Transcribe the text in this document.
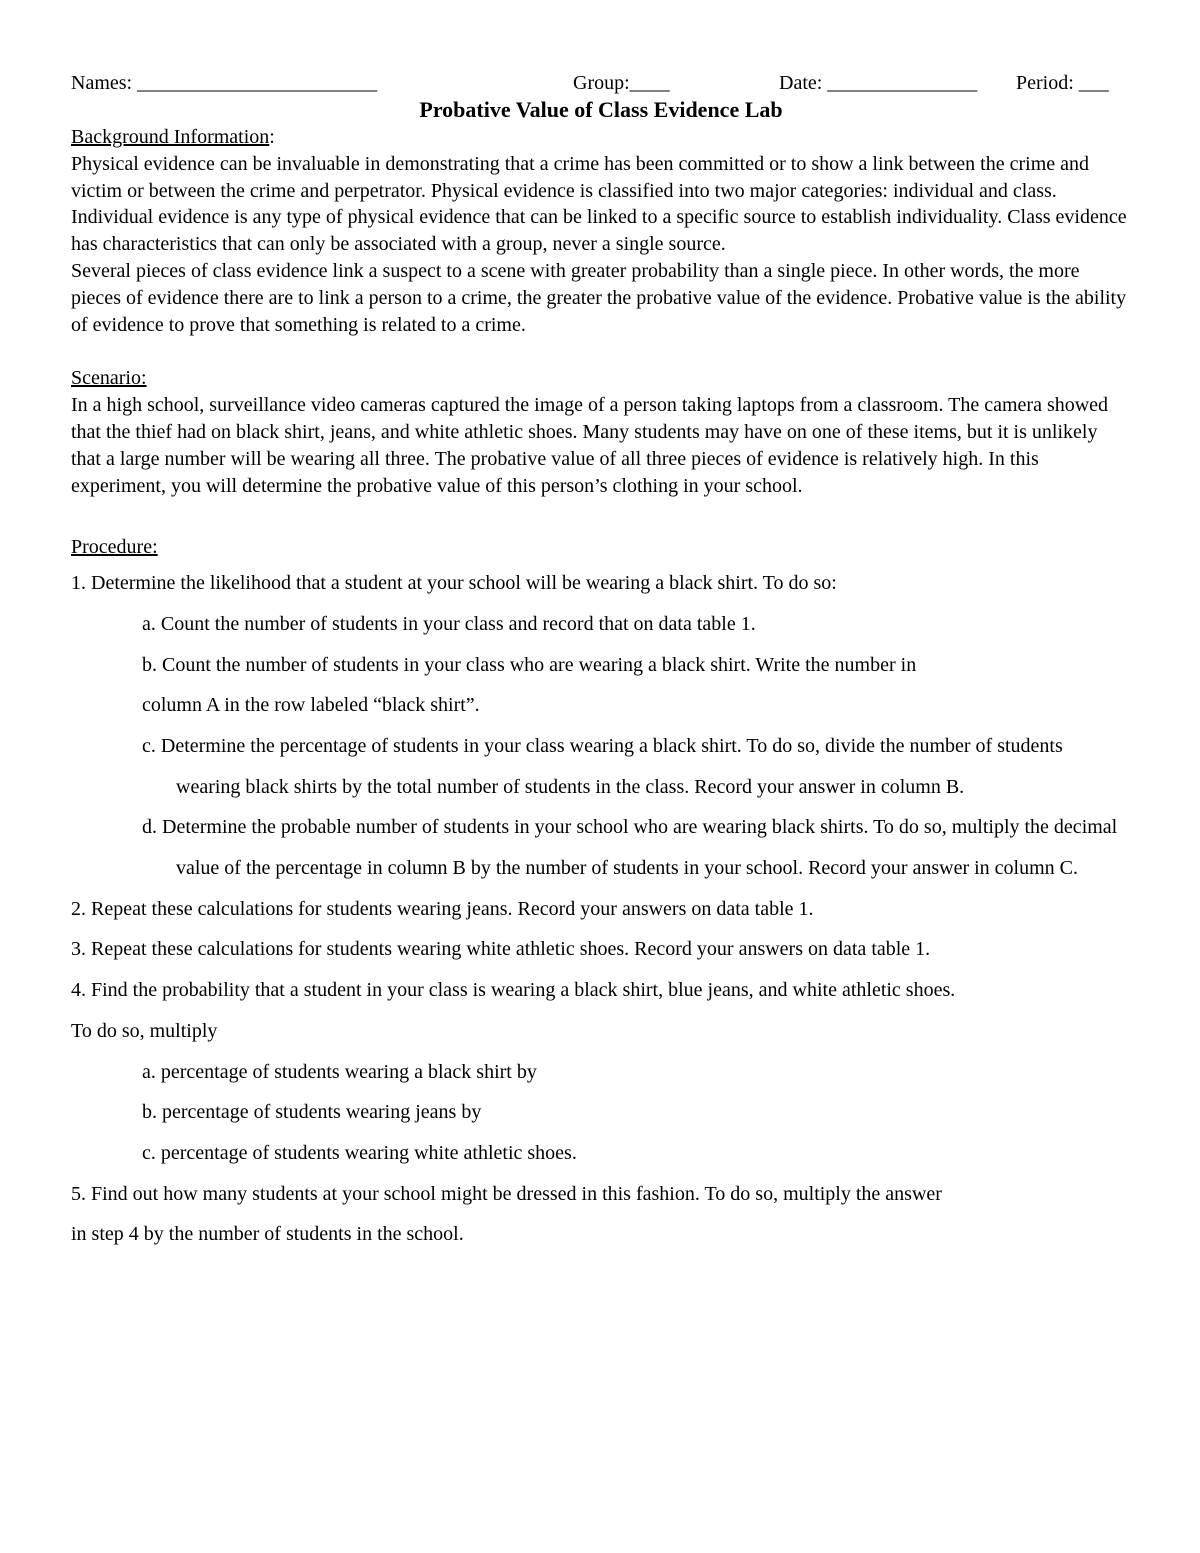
Names: ________________________	Group:____	Date: _______________ Period: ___
Probative Value of Class Evidence Lab

Background Information:

Physical evidence can be invaluable in demonstrating that a crime has been committed or to show a link between the crime and victim or between the crime and perpetrator. Physical evidence is classified into two major categories: individual and class. Individual evidence is any type of physical evidence that can be linked to a specific source to establish individuality. Class evidence has characteristics that can only be associated with a group, never a single source.

Several pieces of class evidence link a suspect to a scene with greater probability than a single piece. In other words, the more pieces of evidence there are to link a person to a crime, the greater the probative value of the evidence. Probative value is the ability of evidence to prove that something is related to a crime.

Scenario:

In a high school, surveillance video cameras captured the image of a person taking laptops from a classroom. The camera showed that the thief had on black shirt, jeans, and white athletic shoes. Many students may have on one of these items, but it is unlikely that a large number will be wearing all three. The probative value of all three pieces of evidence is relatively high. In this experiment, you will determine the probative value of this person’s clothing in your school.

Procedure:

1. Determine the likelihood that a student at your school will be wearing a black shirt. To do so:
a. Count the number of students in your class and record that on data table 1.
b. Count the number of students in your class who are wearing a black shirt. Write the number in
column A in the row labeled “black shirt”.
c. Determine the percentage of students in your class wearing a black shirt. To do so, divide the number of students wearing black shirts by the total number of students in the class. Record your answer in column B.
d. Determine the probable number of students in your school who are wearing black shirts. To do so, multiply the decimal value of the percentage in column B by the number of students in your school. Record your answer in column C.
2. Repeat these calculations for students wearing jeans. Record your answers on data table 1.
3. Repeat these calculations for students wearing white athletic shoes. Record your answers on data table 1.
4. Find the probability that a student in your class is wearing a black shirt, blue jeans, and white athletic shoes.
To do so, multiply
a. percentage of students wearing a black shirt by
b. percentage of students wearing jeans by
c. percentage of students wearing white athletic shoes.
5. Find out how many students at your school might be dressed in this fashion. To do so, multiply the answer
in step 4 by the number of students in the school.
